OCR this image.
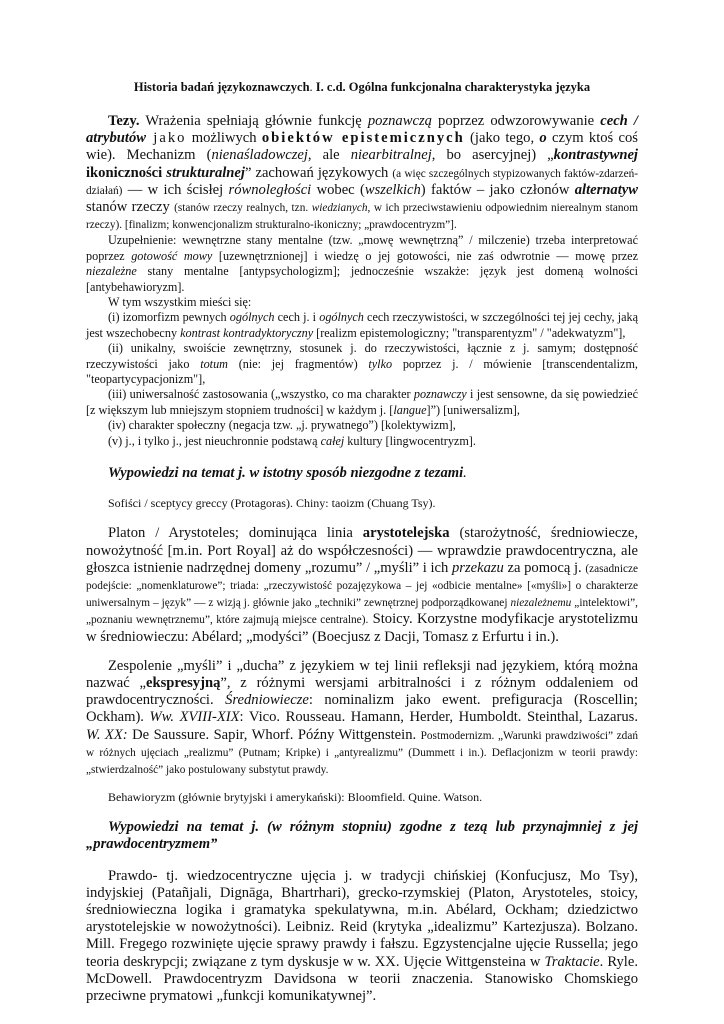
Historia badań językoznawczych. I. c.d. Ogólna funkcjonalna charakterystyka języka

Tezy. Wrażenia spełniają głównie funkcję poznawczą poprzez odwzorowywanie cech / atrybutów jako możliwych obiektów epistemicznych (jako tego, o czym ktoś coś wie). Mechanizm (nienaśladowczej, ale niearbitralnej, bo asercyjnej) „kontrastywnej ikoniczności strukturalnej” zachowań językowych (a więc szczególnych stypizowanych faktów-zdarzeń-działań) — w ich ścisłej równoległości wobec (wszelkich) faktów – jako członów alternatyw stanów rzeczy (stanów rzeczy realnych, tzn. wiedzianych, w ich przeciwstawieniu odpowiednim nierealnym stanom rzeczy). [finalizm; konwencjonalizm strukturalno-ikoniczny; „prawdocentryzm”].

Uzupełnienie: wewnętrzne stany mentalne (tzw. „mowę wewnętrzną” / milczenie) trzeba interpretować poprzez gotowość mowy [uzewnętrznionej] i wiedzę o jej gotowości, nie zaś odwrotnie — mowę przez niezależne stany mentalne [antypsychologizm]; jednocześnie wszakże: język jest domeną wolności [antybehawioryzm].

W tym wszystkim mieści się:

(i) izomorfizm pewnych ogólnych cech j. i ogólnych cech rzeczywistości, w szczególności tej jej cechy, jaką jest wszechobecny kontrast kontradyktoryczny [realizm epistemologiczny; "transparentyzm" / "adekwatyzm"],

(ii) unikalny, swoiście zewnętrzny, stosunek j. do rzeczywistości, łącznie z j. samym; dostępność rzeczywistości jako totum (nie: jej fragmentów) tylko poprzez j. / mówienie [transcendentalizm, "teopartycypacjonizm"],

(iii) uniwersalność zastosowania („wszystko, co ma charakter poznawczy i jest sensowne, da się powiedzieć [z większym lub mniejszym stopniem trudności] w każdym j. [langue]”) [uniwersalizm],

(iv) charakter społeczny (negacja tzw. „j. prywatnego”) [kolektywizm],

(v) j., i tylko j., jest nieuchronnie podstawą całej kultury [lingwocentryzm].

Wypowiedzi na temat j. w istotny sposób niezgodne z tezami.

Sofiści / sceptycy greccy (Protagoras). Chiny: taoizm (Chuang Tsy).

Platon / Arystoteles; dominująca linia arystotelejska (starożytność, średniowiecze, nowożytność [m.in. Port Royal] aż do współczesności) — wprawdzie prawdocentryczna, ale głoszca istnienie nadrzędnej domeny „rozumu” / „myśli” i ich przekazu za pomocą j. (zasadnicze podejście: „nomenklaturowe”; triada: „rzeczywistość pozajęzykowa – jej «odbicie mentalne» [«myśli»] o charakterze uniwersalnym – język” — z wizją j. głównie jako „techniki” zewnętrznej podporządkowanej niezależnemu „intelektowi”, „poznaniu wewnętrznemu”, które zajmują miejsce centralne). Stoicy. Korzystne modyfikacje arystotelizmu w średniowieczu: Abélard; „modyści” (Boecjusz z Dacji, Tomasz z Erfurtu i in.).

Zespolenie „myśli” i „ducha” z językiem w tej linii refleksji nad językiem, którą można nazwać „ekspresyjną”, z różnymi wersjami arbitralności i z różnym oddaleniem od prawdocentryczności. Średniowiecze: nominalizm jako ewent. prefiguracja (Roscellin; Ockham). Ww. XVIII-XIX: Vico. Rousseau. Hamann, Herder, Humboldt. Steinthal, Lazarus. W. XX: De Saussure. Sapir, Whorf. Późny Wittgenstein. Postmodernizm. „Warunki prawdziwości” zdań w różnych ujęciach „realizmu” (Putnam; Kripke) i „antyrealizmu” (Dummett i in.). Deflacjonizm w teorii prawdy: „stwierdzalność” jako postulowany substytut prawdy.

Behawioryzm (głównie brytyjski i amerykański): Bloomfield. Quine. Watson.

Wypowiedzi na temat j. (w różnym stopniu) zgodne z tezą lub przynajmniej z jej „prawdocentryzmem”

Prawdo- tj. wiedzocentryczne ujęcia j. w tradycji chińskiej (Konfucjusz, Mo Tsy), indyjskiej (Patañjali, Dignāga, Bhartrhari), grecko-rzymskiej (Platon, Arystoteles, stoicy, średniowieczna logika i gramatyka spekulatywna, m.in. Abélard, Ockham; dziedzictwo arystotelejskie w nowożytności). Leibniz. Reid (krytyka „idealizmu” Kartezjusza). Bolzano. Mill. Fregego rozwinięte ujęcie sprawy prawdy i fałszu. Egzystencjalne ujęcie Russella; jego teoria deskrypcji; związane z tym dyskusje w w. XX. Ujęcie Wittgensteina w Traktacie. Ryle. McDowell. Prawdocentryzm Davidsona w teorii znaczenia. Stanowisko Chomskiego przeciwne prymatowi „funkcji komunikatywnej”.
